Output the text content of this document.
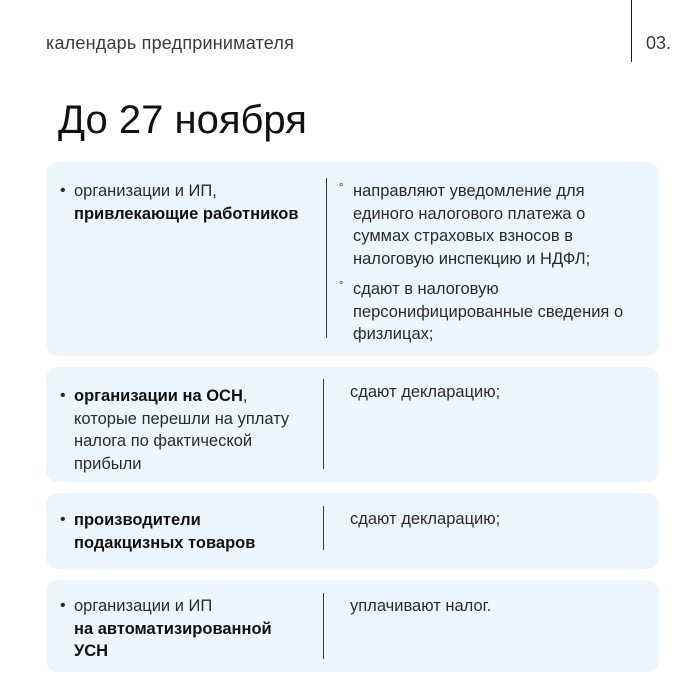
календарь предпринимателя	03.
До 27 ноября
• организации и ИП,
привлекающие работников
° направляют уведомление для единого налогового платежа о суммах страховых взносов в налоговую инспекцию и НДФЛ;
° сдают в налоговую персонифицированные сведения о физлицах;
• организации на ОСН, которые перешли на уплату налога по фактической прибыли
сдают декларацию;
• производители подакцизных товаров
сдают декларацию;
• организации и ИП
на автоматизированной УСН
уплачивают налог.
